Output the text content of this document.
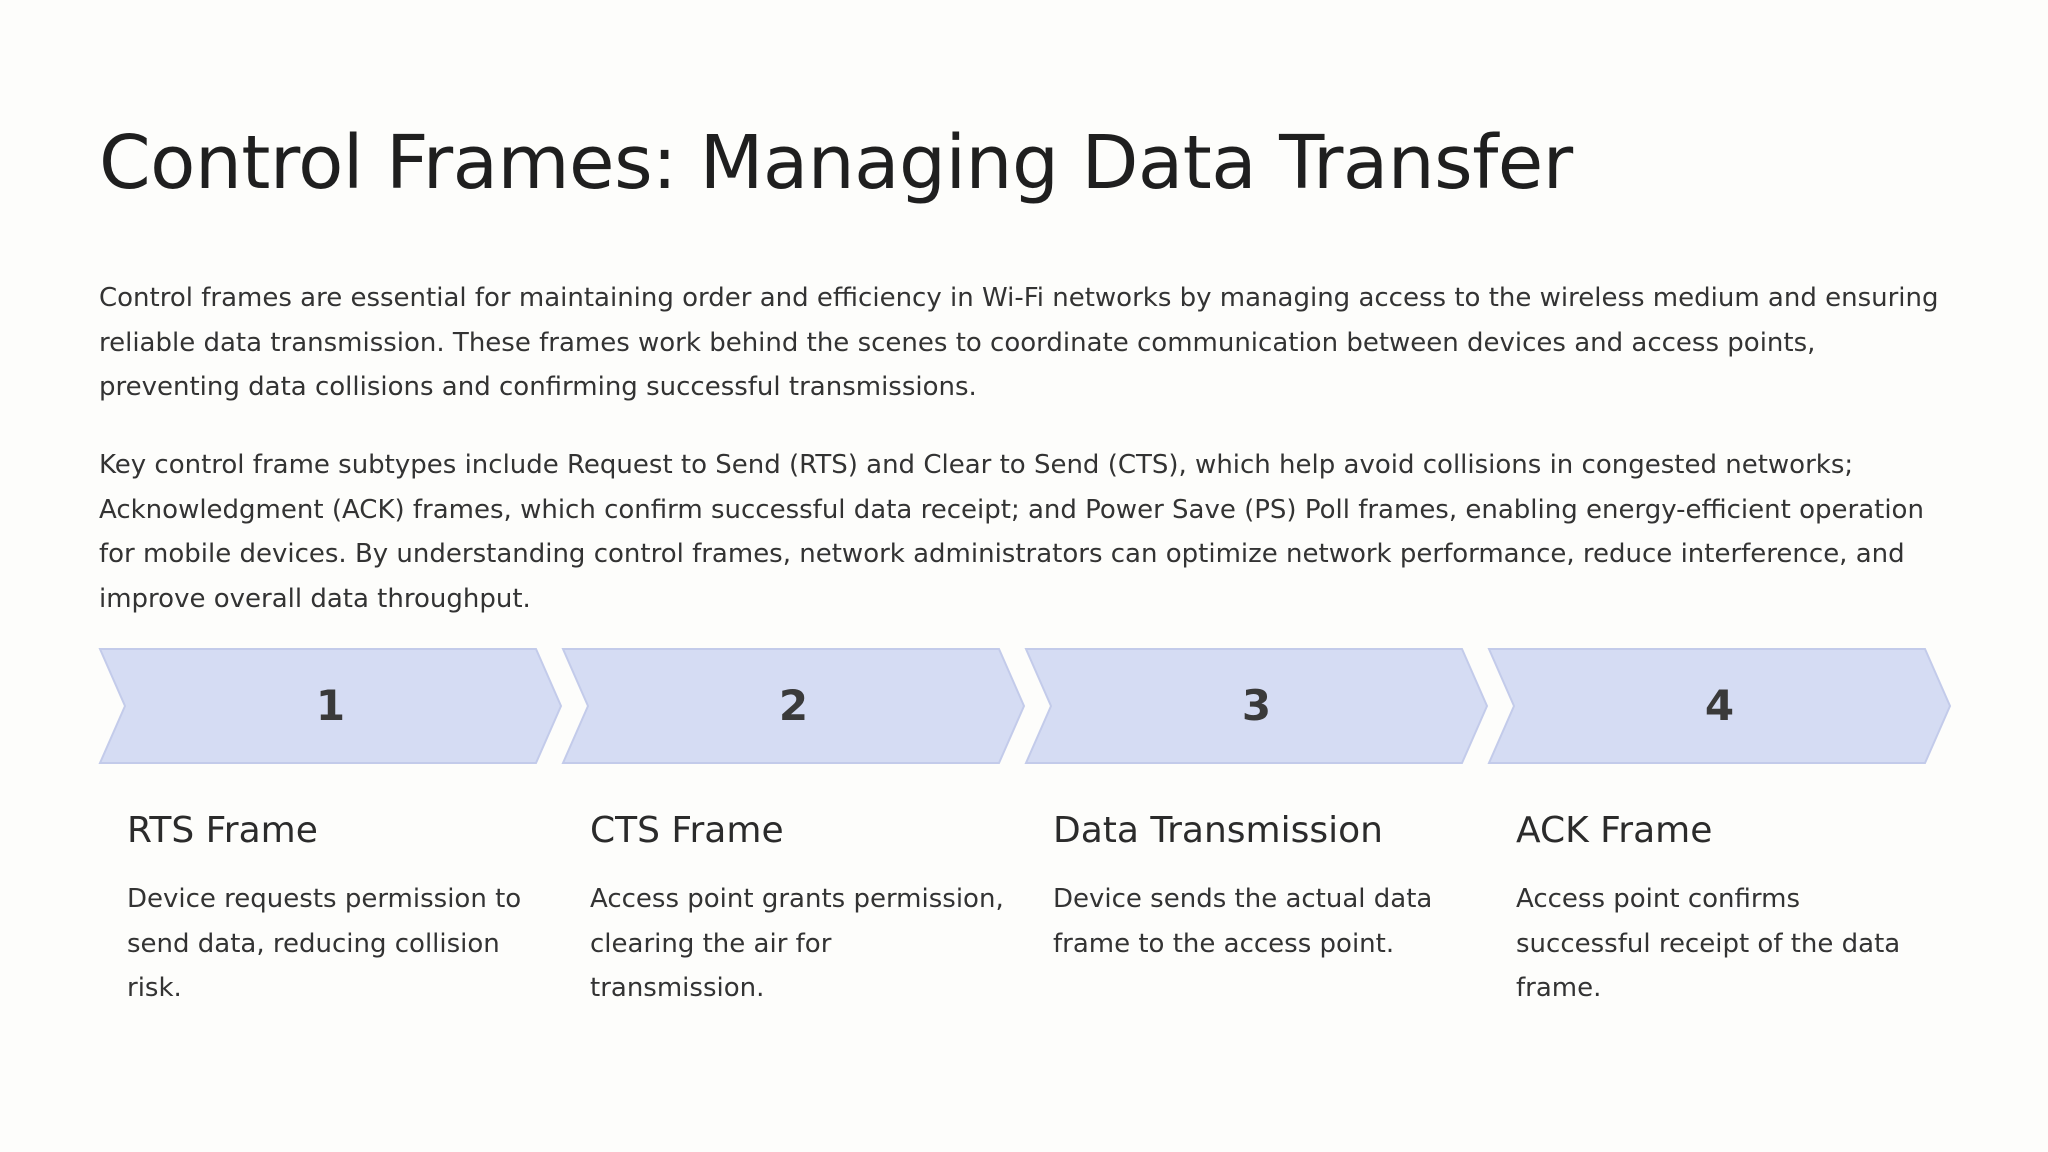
Control Frames: Managing Data Transfer

Control frames are essential for maintaining order and efficiency in Wi-Fi networks by managing access to the wireless medium and ensuring reliable data transmission. These frames work behind the scenes to coordinate communication between devices and access points, preventing data collisions and confirming successful transmissions.

Key control frame subtypes include Request to Send (RTS) and Clear to Send (CTS), which help avoid collisions in congested networks; Acknowledgment (ACK) frames, which confirm successful data receipt; and Power Save (PS) Poll frames, enabling energy-efficient operation for mobile devices. By understanding control frames, network administrators can optimize network performance, reduce interference, and improve overall data throughput.

1	2	3	4
RTS Frame

Device requests permission to send data, reducing collision risk.

CTS Frame

Access point grants permission, clearing the air for transmission.

Data Transmission

Device sends the actual data frame to the access point.

ACK Frame

Access point confirms successful receipt of the data frame.
